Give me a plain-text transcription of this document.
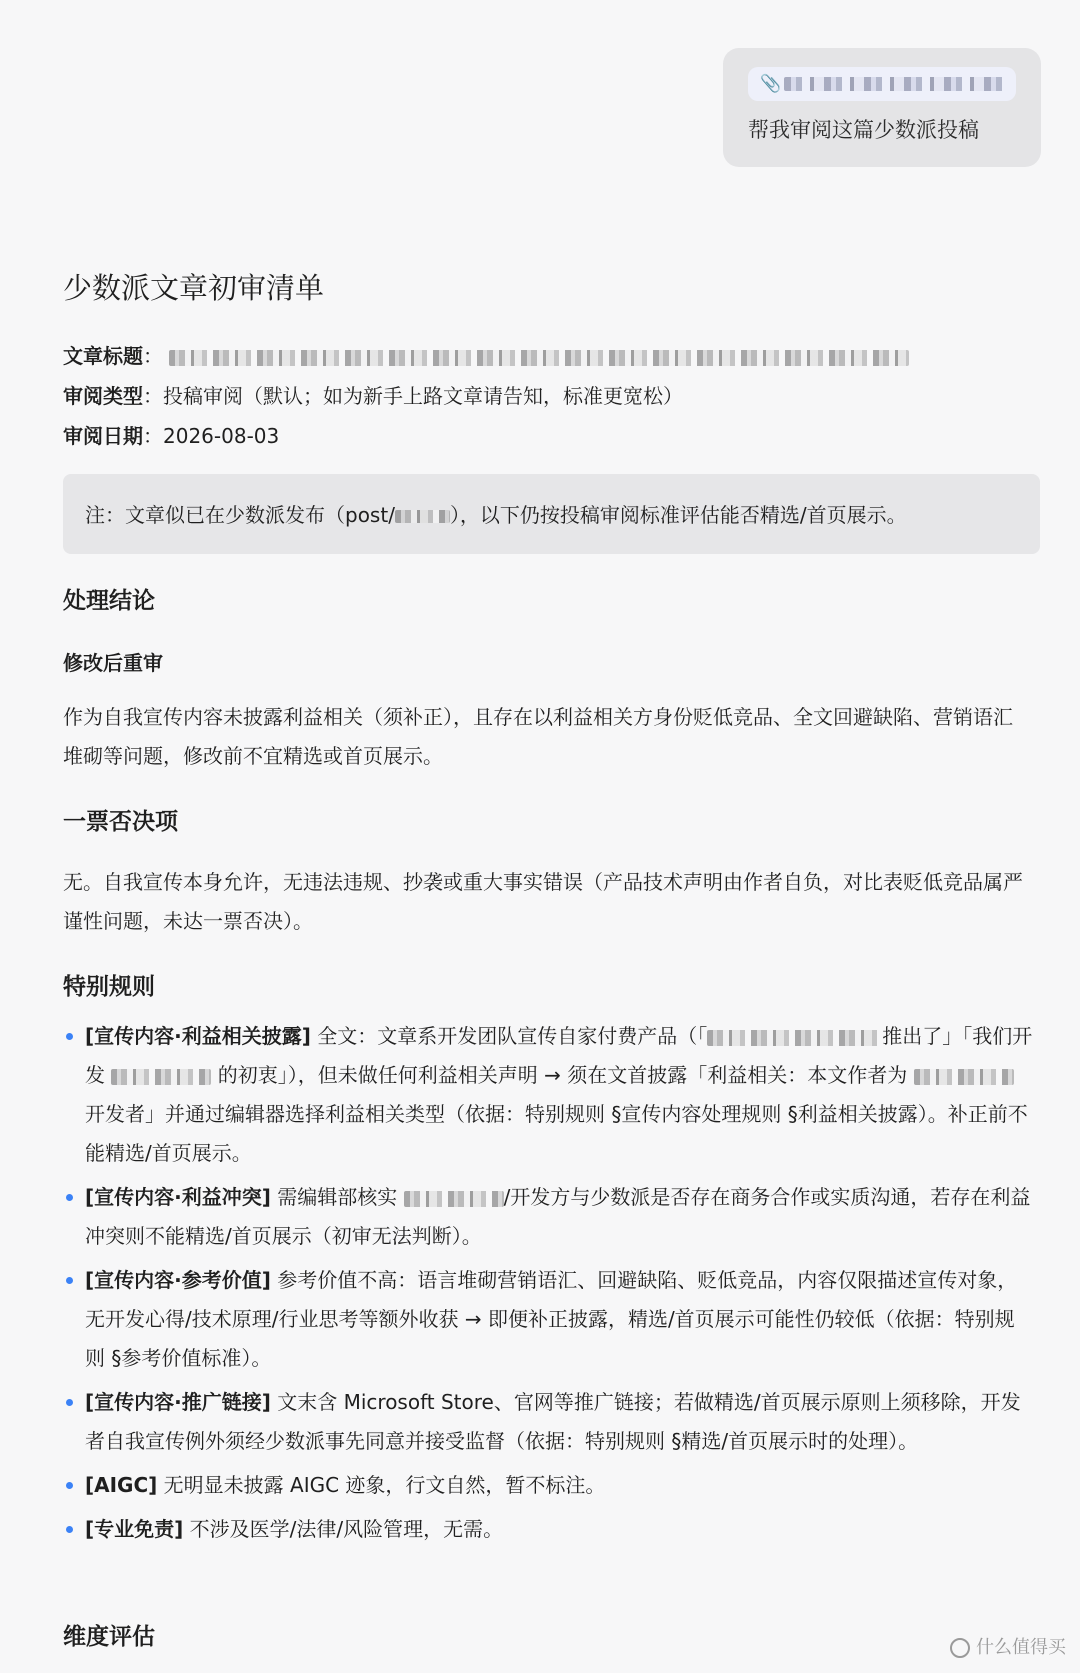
📎
帮我审阅这篇少数派投稿
少数派文章初审清单
文章标题：
审阅类型：投稿审阅（默认；如为新手上路文章请告知，标准更宽松）
审阅日期：2026-08-03
注：文章似已在少数派发布（post/	），以下仍按投稿审阅标准评估能否精选/首页展示。
处理结论
修改后重审

作为自我宣传内容未披露利益相关（须补正），且存在以利益相关方身份贬低竞品、全文回避缺陷、营销语汇堆砌等问题，修改前不宜精选或首页展示。

一票否决项

无。自我宣传本身允许，无违法违规、抄袭或重大事实错误（产品技术声明由作者自负，对比表贬低竞品属严谨性问题，未达一票否决）。

特别规则
[宣传内容·利益相关披露] 全文：文章系开发团队宣传自家付费产品（「	推出了」「我们开发	的初衷」），但未做任何利益相关声明 → 须在文首披露「利益相关：本文作者为  开发者」并通过编辑器选择利益相关类型（依据：特别规则 §宣传内容处理规则 §利益相关披露）。补正前不能精选/首页展示。
[宣传内容·利益冲突] 需编辑部核实	/开发方与少数派是否存在商务合作或实质沟通，若存在利益冲突则不能精选/首页展示（初审无法判断）。
[宣传内容·参考价值] 参考价值不高：语言堆砌营销语汇、回避缺陷、贬低竞品，内容仅限描述宣传对象，无开发心得/技术原理/行业思考等额外收获 → 即便补正披露，精选/首页展示可能性仍较低（依据：特别规则 §参考价值标准）。
[宣传内容·推广链接] 文末含 Microsoft Store、官网等推广链接；若做精选/首页展示原则上须移除，开发者自我宣传例外须经少数派事先同意并接受监督（依据：特别规则 §精选/首页展示时的处理）。
[AIGC] 无明显未披露 AIGC 迹象，行文自然，暂不标注。
[专业免责] 不涉及医学/法律/风险管理，无需。
维度评估	什么值得买
